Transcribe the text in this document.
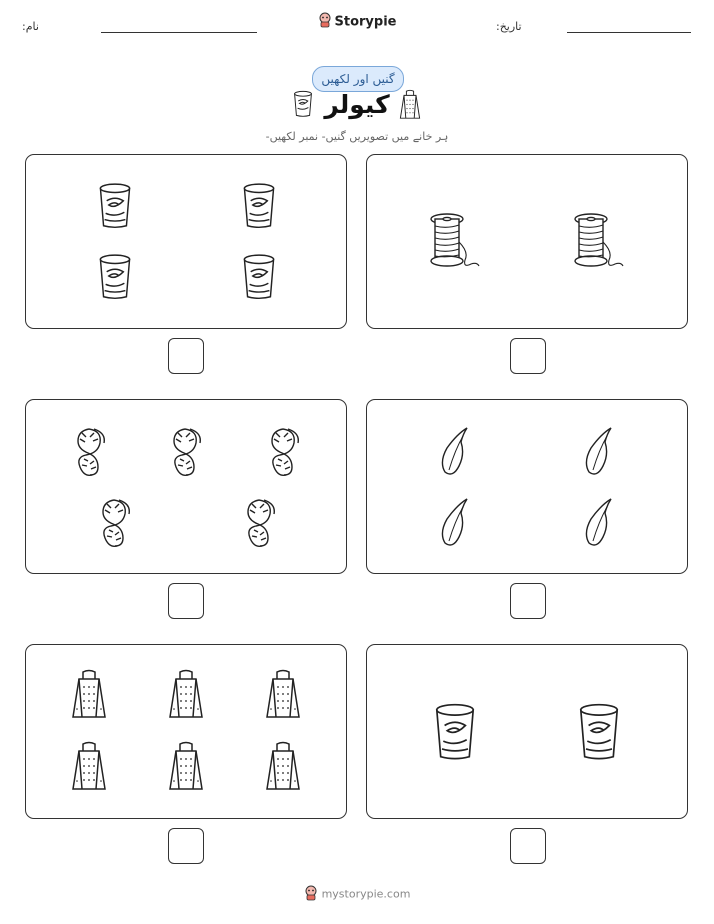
نام:	Storypie	تاریخ:
گنیں اور لکھیں
کیولر
ہر خانے میں تصویریں گنیں- نمبر لکھیں-
mystorypie.com
